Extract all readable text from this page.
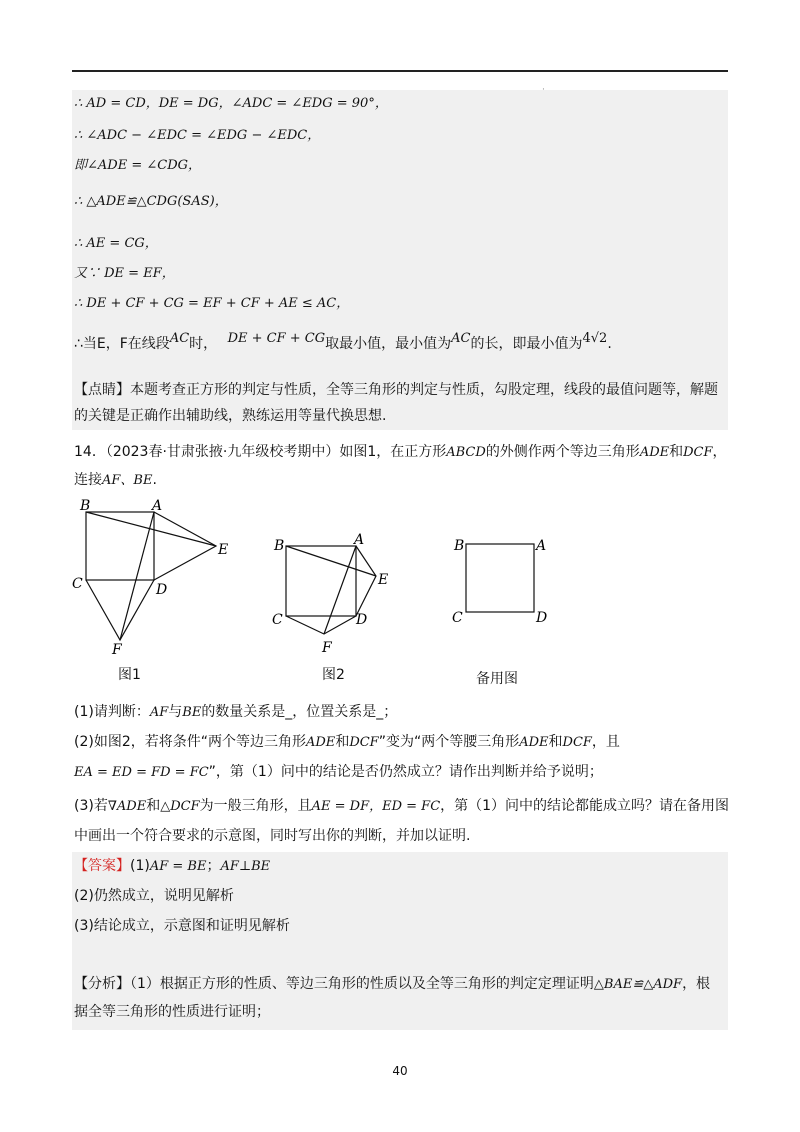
∴ AD = CD，DE = DG，∠ADC = ∠EDG = 90°，
∴ ∠ADC − ∠EDC = ∠EDG − ∠EDC，
即∠ADE = ∠CDG，
∴ △ADE≌△CDG(SAS)，
∴ AE = CG，
又∵ DE = EF，
∴ DE + CF + CG = EF + CF + AE ≤ AC，
∴当E，F在线段AC时， DE + CF + CG取最小值，最小值为AC的长，即最小值为4√2.
【点睛】本题考查正方形的判定与性质，全等三角形的判定与性质，勾股定理，线段的最值问题等，解题
的关键是正确作出辅助线，熟练运用等量代换思想.
14．（2023春·甘肃张掖·九年级校考期中）如图1，在正方形ABCD的外侧作两个等边三角形ADE和DCF，
连接AF、BE.
B	A
E
C	D
F
图1
B	A
E
C	D
F
图2
B	A
C	D
备用图
(1)请判断：AF与BE的数量关系是_，位置关系是_；
(2)如图2，若将条件“两个等边三角形ADE和DCF”变为“两个等腰三角形ADE和DCF，且
EA = ED = FD = FC”，第（1）问中的结论是否仍然成立？请作出判断并给予说明；
(3)若∇ADE和△DCF为一般三角形，且AE = DF，ED = FC，第（1）问中的结论都能成立吗？请在备用图
中画出一个符合要求的示意图，同时写出你的判断，并加以证明.
【答案】(1)AF = BE；AF⊥BE
(2)仍然成立，说明见解析
(3)结论成立，示意图和证明见解析
【分析】（1）根据正方形的性质、等边三角形的性质以及全等三角形的判定定理证明△BAE≌△ADF，根
据全等三角形的性质进行证明；
40
